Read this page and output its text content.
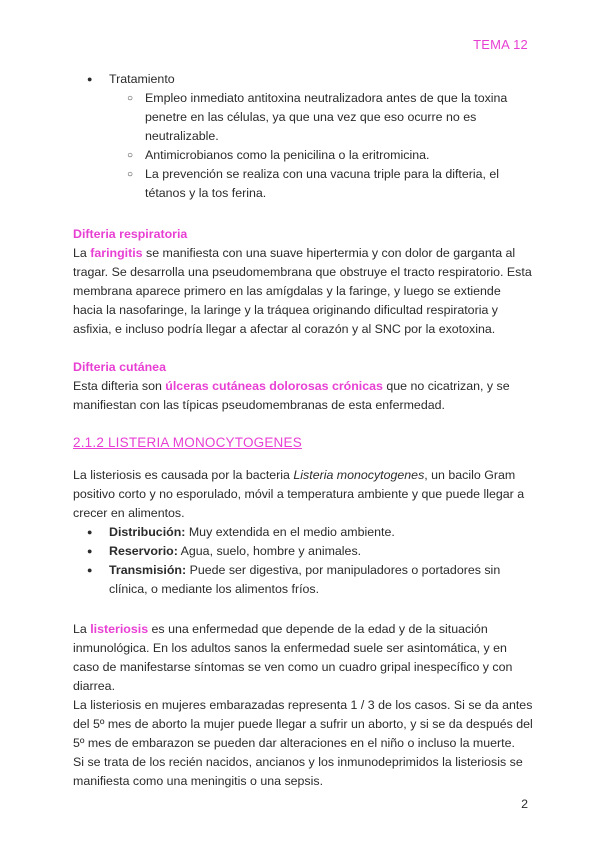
TEMA 12
● Tratamiento
○ Empleo inmediato antitoxina neutralizadora antes de que la toxina penetre en las células, ya que una vez que eso ocurre no es neutralizable.
○ Antimicrobianos como la penicilina o la eritromicina.
○ La prevención se realiza con una vacuna triple para la difteria, el tétanos y la tos ferina.
Difteria respiratoria

La faringitis se manifiesta con una suave hipertermia y con dolor de garganta al tragar. Se desarrolla una pseudomembrana que obstruye el tracto respiratorio. Esta membrana aparece primero en las amígdalas y la faringe, y luego se extiende hacia la nasofaringe, la laringe y la tráquea originando dificultad respiratoria y asfixia, e incluso podría llegar a afectar al corazón y al SNC por la exotoxina.

Difteria cutánea

Esta difteria son úlceras cutáneas dolorosas crónicas que no cicatrizan, y se manifiestan con las típicas pseudomembranas de esta enfermedad.

2.1.2 LISTERIA MONOCYTOGENES

La listeriosis es causada por la bacteria Listeria monocytogenes, un bacilo Gram positivo corto y no esporulado, móvil a temperatura ambiente y que puede llegar a crecer en alimentos.

● Distribución: Muy extendida en el medio ambiente.
● Reservorio: Agua, suelo, hombre y animales.
● Transmisión: Puede ser digestiva, por manipuladores o portadores sin clínica, o mediante los alimentos fríos.

La listeriosis es una enfermedad que depende de la edad y de la situación inmunológica. En los adultos sanos la enfermedad suele ser asintomática, y en caso de manifestarse síntomas se ven como un cuadro gripal inespecífico y con diarrea.

La listeriosis en mujeres embarazadas representa 1 / 3 de los casos. Si se da antes del 5º mes de aborto la mujer puede llegar a sufrir un aborto, y si se da después del 5º mes de embarazon se pueden dar alteraciones en el niño o incluso la muerte.

Si se trata de los recién nacidos, ancianos y los inmunodeprimidos la listeriosis se manifiesta como una meningitis o una sepsis.

2
